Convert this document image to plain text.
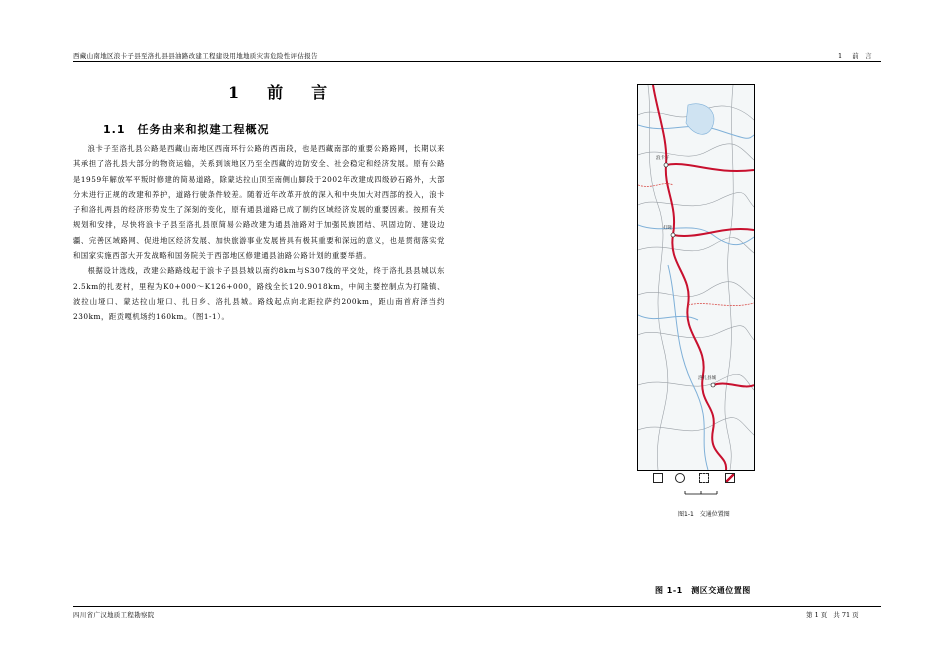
西藏山南地区浪卡子县至洛扎县县油路改建工程建设用地地质灾害危险性评估报告	1 前　言
1　前　言
1.1　任务由来和拟建工程概况

浪卡子至洛扎县公路是西藏山南地区西南环行公路的西南段，也是西藏南部的重要公路路网，长期以来其承担了洛扎县大部分的物资运输，关系到该地区乃至全西藏的边防安全、社会稳定和经济发展。原有公路是1959年解放军平叛时修建的简易道路，除蒙达拉山顶至南侧山脚段于2002年改建成四级砂石路外，大部分未进行正规的改建和养护，道路行驶条件较差。随着近年改革开放的深入和中央加大对西部的投入，浪卡子和洛扎两县的经济形势发生了深刻的变化，原有通县道路已成了制约区域经济发展的重要因素。按照有关规划和安排，尽快将浪卡子县至洛扎县原简易公路改建为通县油路对于加强民族团结、巩固边防、建设边疆、完善区域路网、促进地区经济发展、加快旅游事业发展皆具有极其重要和深远的意义，也是贯彻落实党和国家实施西部大开发战略和国务院关于西部地区修建通县油路公路计划的重要举措。

根据设计选线，改建公路路线起于浪卡子县县城以南约8km与S307线的平交处，终于洛扎县县城以东2.5km的扎麦村，里程为K0+000～K126+000，路线全长120.9018km，中间主要控制点为打隆镇、波拉山垭口、蒙达拉山垭口、扎日乡、洛扎县城。路线起点向北距拉萨约200km，距山南首府泽当约230km，距贡嘎机场约160km。（图1-1）。

浪卡子
打隆
洛扎县城
图1-1　交通位置图
图 1-1　测区交通位置图
四川省广汉地质工程勘察院	第 1 页 共 71 页
